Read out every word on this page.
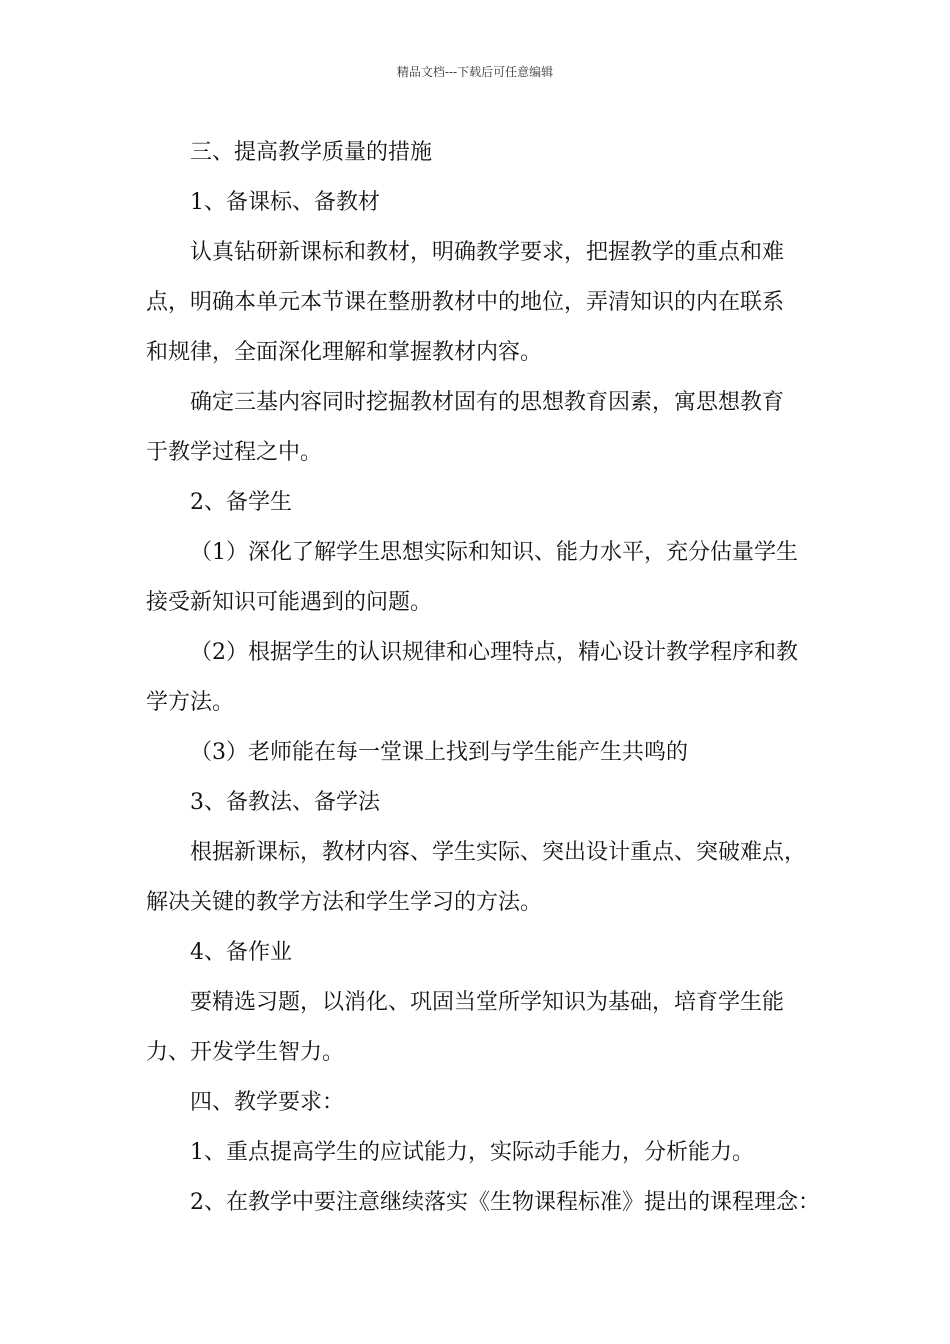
精品文档---下载后可任意编辑

三、提高教学质量的措施

1、备课标、备教材

认真钻研新课标和教材，明确教学要求，把握教学的重点和难

点，明确本单元本节课在整册教材中的地位，弄清知识的内在联系

和规律，全面深化理解和掌握教材内容。

确定三基内容同时挖掘教材固有的思想教育因素，寓思想教育

于教学过程之中。

2、备学生

（1）深化了解学生思想实际和知识、能力水平，充分估量学生

接受新知识可能遇到的问题。

（2）根据学生的认识规律和心理特点，精心设计教学程序和教

学方法。

（3）老师能在每一堂课上找到与学生能产生共鸣的

3、备教法、备学法

根据新课标，教材内容、学生实际、突出设计重点、突破难点，

解决关键的教学方法和学生学习的方法。

4、备作业

要精选习题，以消化、巩固当堂所学知识为基础，培育学生能

力、开发学生智力。

四、教学要求：

1、重点提高学生的应试能力，实际动手能力，分析能力。

2、在教学中要注意继续落实《生物课程标准》提出的课程理念：
